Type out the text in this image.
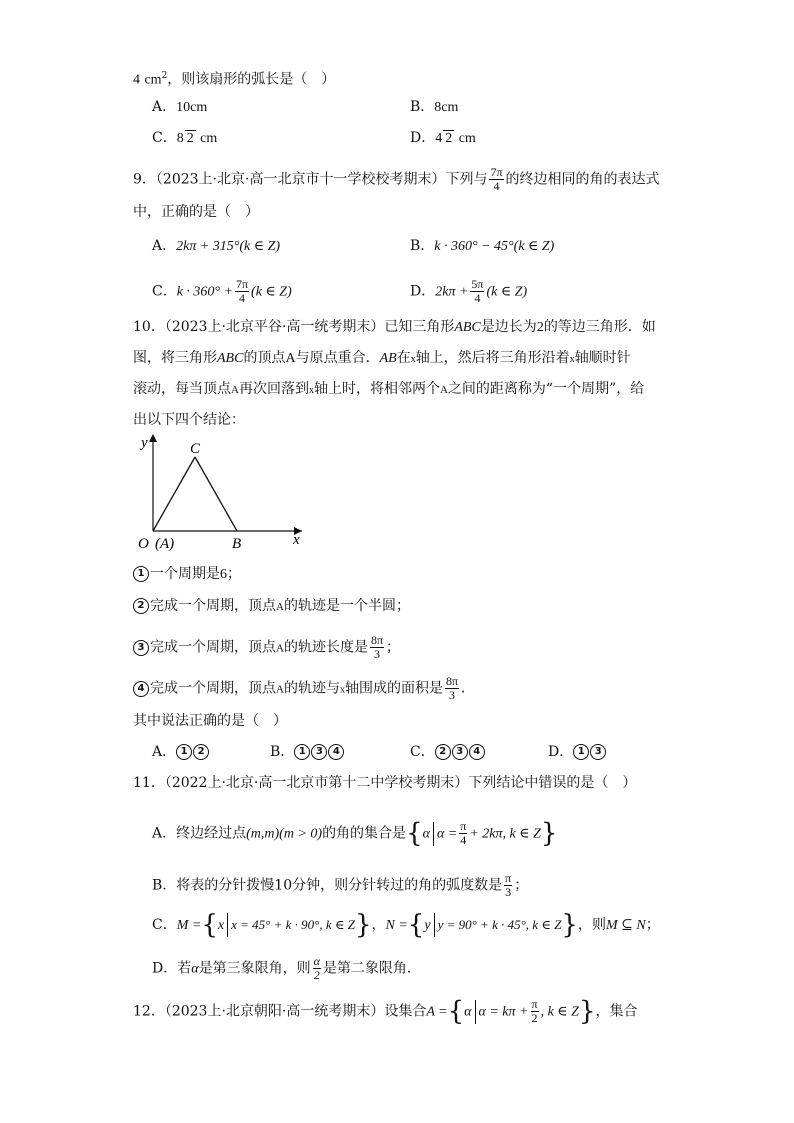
4 $cm^2$，则该扇形的弧长是（　）
A．10cm	B．8cm
C．8 2 cm	D．4 2 cm
9．（2023上·北京·高一北京市十一学校校考期末）下列与 $\frac{7\pi}{4}$ 的终边相同的角的表达式
中，正确的是（　）
A．2kπ + 315°(k ∈ Z)	B．k · 360° − 45°(k ∈ Z)
C．$k \cdot 360^\circ + \frac{7\pi}{4} (k$ ∈ Z)	D．$2k\pi + \frac{5\pi}{4} (k$ ∈ Z)
10．（2023上·北京平谷·高一统考期末）已知三角形ABC是边长为2的等边三角形．如
图，将三角形ABC的顶点A与原点重合．AB在x轴上，然后将三角形沿着x轴顺时针
滚动，每当顶点A再次回落到x轴上时，将相邻两个A之间的距离称为“一个周期”，给
出以下四个结论：
y	C
O (A)	B	x
1 一个周期是6；
2 完成一个周期，顶点A的轨迹是一个半圆；
3 完成一个周期，顶点A的轨迹长度是 $\frac{8\pi}{3}$ ；
4 完成一个周期，顶点A的轨迹与x轴围成的面积是 $\frac{8\pi}{3}$ ．
其中说法正确的是（　）
A． 1 2	B． 1 3 4	C． 2 3 4	D． 1 3
11．（2022上·北京·高一北京市第十二中学校考期末）下列结论中错误的是（　）
A．终边经过点(m,m)(m > 0)的角的集合是{α $\alpha = \frac{\pi}{4} + 2k\pi$, k ∈ Z}
B．将表的分针拨慢10分钟，则分针转过的角的弧度数是 $\frac{\pi}{3}$ ；
C．M ={x x = 45° + k · 90°, k ∈ Z}，N ={y y = 90° + k · 45°, k ∈ Z}，则M ⊆ N；
D．若α是第三象限角，则 $\frac{\alpha}{2}$ 是第二象限角．
12．（2023上·北京朝阳·高一统考期末）设集合A ={α $\alpha = k\pi + \frac{\pi}{2}$ , k ∈ Z}，集合
